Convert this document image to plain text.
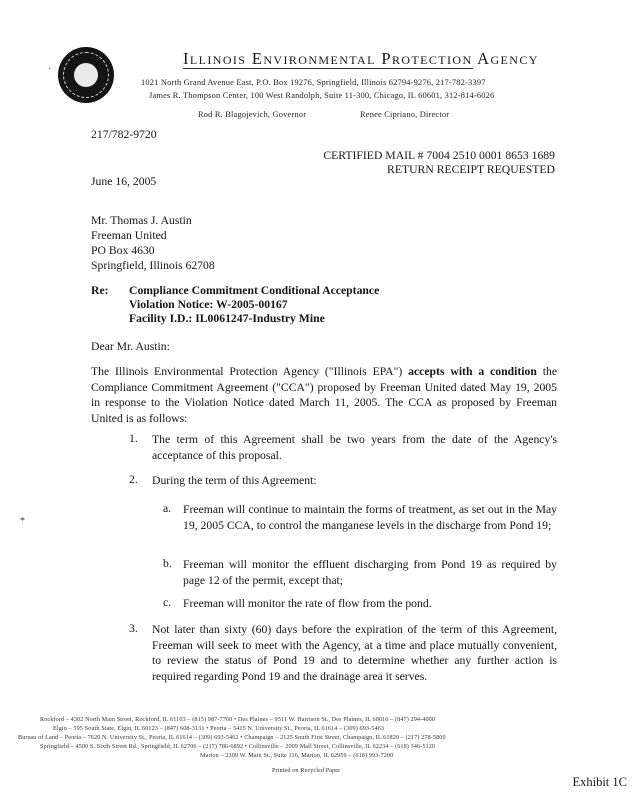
·
Illinois Environmental Protection Agency
1021 North Grand Avenue East, P.O. Box 19276, Springfield, Illinois 62794-9276, 217-782-3397
James R. Thompson Center, 100 West Randolph, Suite 11-300, Chicago, IL 60601, 312-814-6026
Rod R. Blagojevich, Governor	Renee Cipriano, Director
217/782-9720
CERTIFIED MAIL # 7004 2510 0001 8653 1689
RETURN RECEIPT REQUESTED
June 16, 2005
Mr. Thomas J. Austin
Freeman United
PO Box 4630
Springfield, Illinois 62708
Re: Compliance Commitment Conditional Acceptance
Violation Notice: W-2005-00167
Facility I.D.: IL0061247-Industry Mine
Dear Mr. Austin:
The Illinois Environmental Protection Agency ("Illinois EPA") accepts with a condition the Compliance Commitment Agreement ("CCA") proposed by Freeman United dated May 19, 2005 in response to the Violation Notice dated March 11, 2005. The CCA as proposed by Freeman United is as follows:
1. The term of this Agreement shall be two years from the date of the Agency's acceptance of this proposal.
2. During the term of this Agreement:
a. Freeman will continue to maintain the forms of treatment, as set out in the May 19, 2005 CCA, to control the manganese levels in the discharge from Pond 19;
*
b. Freeman will monitor the effluent discharging from Pond 19 as required by page 12 of the permit, except that;
c. Freeman will monitor the rate of flow from the pond.
3. Not later than sixty (60) days before the expiration of the term of this Agreement, Freeman will seek to meet with the Agency, at a time and place mutually convenient, to review the status of Pond 19 and to determine whether any further action is required regarding Pond 19 and the drainage area it serves.
Rockford – 4302 North Main Street, Rockford, IL 61103 – (815) 987-7760 • Des Plaines – 9511 W. Harrison St., Des Plaines, IL 60016 – (847) 294-4000
Elgin – 595 South State, Elgin, IL 60123 – (847) 608-3131 • Peoria – 5415 N. University St., Peoria, IL 61614 – (309) 693-5463
Bureau of Land – Peoria – 7620 N. University St., Peoria, IL 61614 – (309) 693-5462 • Champaign – 2125 South First Street, Champaign, IL 61820 – (217) 278-5800
Springfield – 4500 S. Sixth Street Rd., Springfield, IL 62706 – (217) 786-6892 • Collinsville – 2009 Mall Street, Collinsville, IL 62234 – (618) 346-5120
Marion – 2309 W. Main St., Suite 116, Marion, IL 62959 – (618) 993-7200
Printed on Recycled Paper
Exhibit 1C
